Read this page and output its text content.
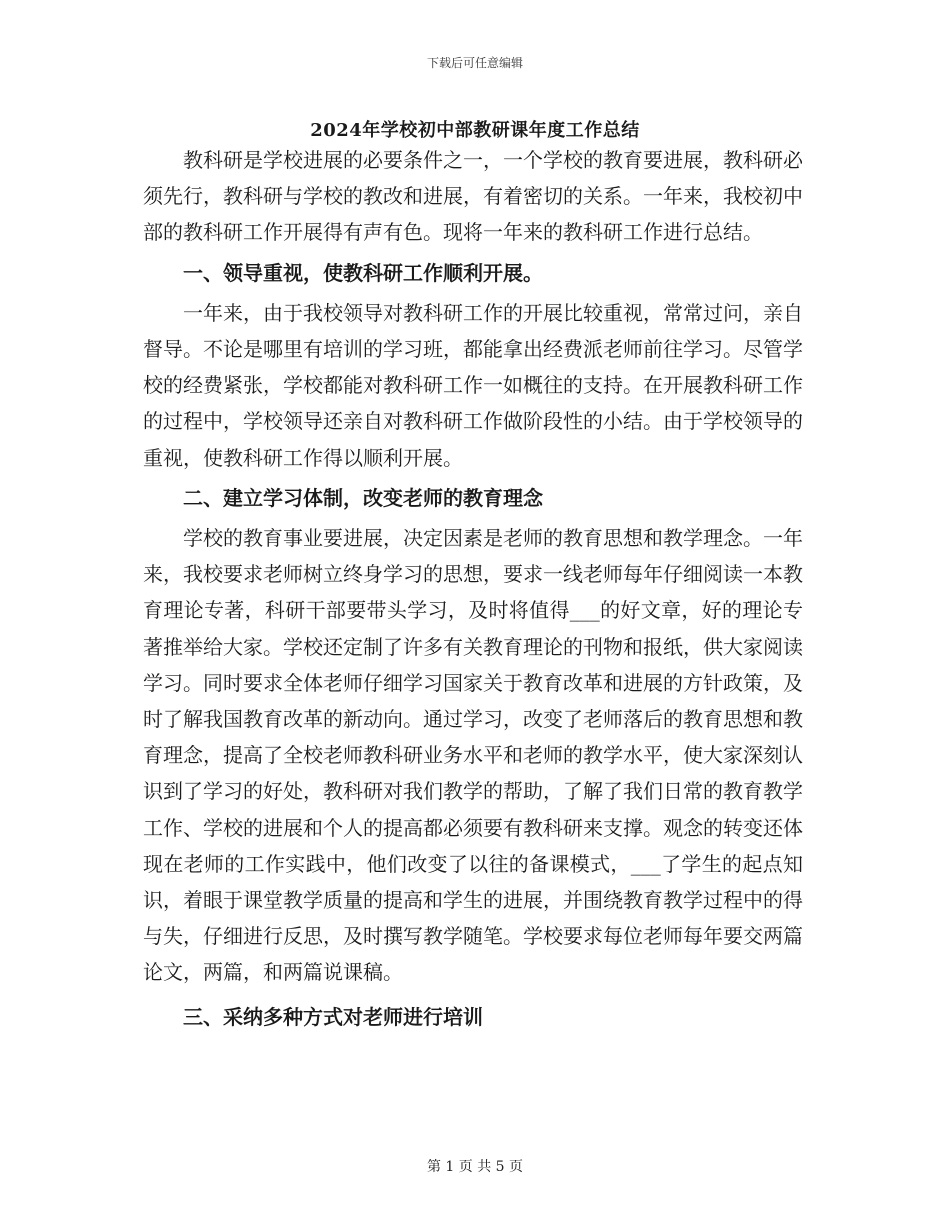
下载后可任意编辑
2024年学校初中部教研课年度工作总结

教科研是学校进展的必要条件之一，一个学校的教育要进展，教科研必须先行，教科研与学校的教改和进展，有着密切的关系。一年来，我校初中部的教科研工作开展得有声有色。现将一年来的教科研工作进行总结。

一、领导重视，使教科研工作顺利开展。

一年来，由于我校领导对教科研工作的开展比较重视，常常过问，亲自督导。不论是哪里有培训的学习班，都能拿出经费派老师前往学习。尽管学校的经费紧张，学校都能对教科研工作一如概往的支持。在开展教科研工作的过程中，学校领导还亲自对教科研工作做阶段性的小结。由于学校领导的重视，使教科研工作得以顺利开展。

二、建立学习体制，改变老师的教育理念

学校的教育事业要进展，决定因素是老师的教育思想和教学理念。一年来，我校要求老师树立终身学习的思想，要求一线老师每年仔细阅读一本教育理论专著，科研干部要带头学习，及时将值得___的好文章，好的理论专著推举给大家。学校还定制了许多有关教育理论的刊物和报纸，供大家阅读学习。同时要求全体老师仔细学习国家关于教育改革和进展的方针政策，及时了解我国教育改革的新动向。通过学习，改变了老师落后的教育思想和教育理念，提高了全校老师教科研业务水平和老师的教学水平，使大家深刻认识到了学习的好处，教科研对我们教学的帮助，了解了我们日常的教育教学工作、学校的进展和个人的提高都必须要有教科研来支撑。观念的转变还体现在老师的工作实践中，他们改变了以往的备课模式，___了学生的起点知识，着眼于课堂教学质量的提高和学生的进展，并围绕教育教学过程中的得与失，仔细进行反思，及时撰写教学随笔。学校要求每位老师每年要交两篇论文，两篇，和两篇说课稿。

三、采纳多种方式对老师进行培训

第 1 页 共 5 页
